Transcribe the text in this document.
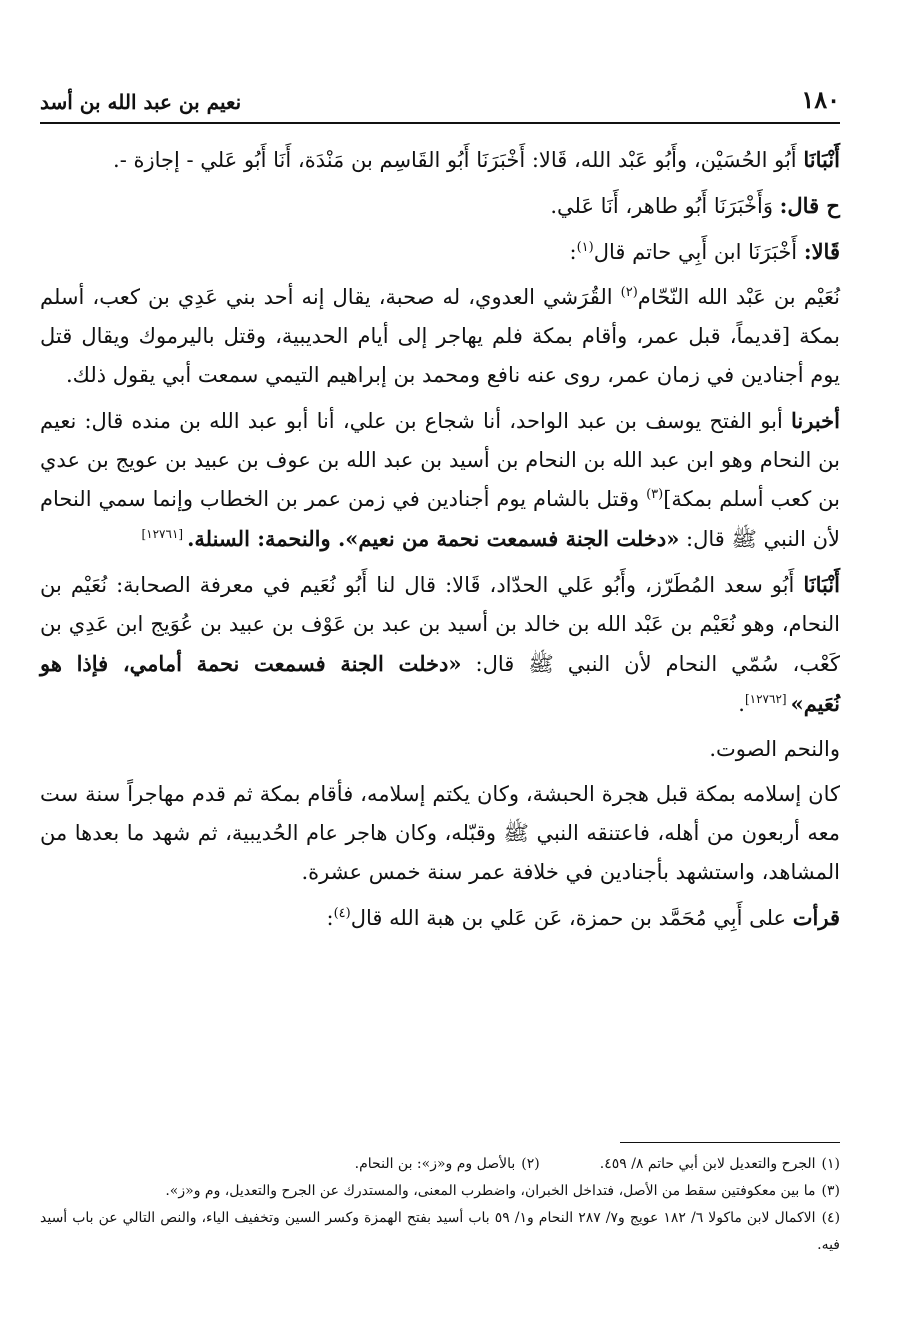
١٨٠
نعيم بن عبد الله بن أسد

أَنْبَانَا أَبُو الحُسَيْن، وأَبُو عَبْد الله، قَالا: أَخْبَرَنَا أَبُو القَاسِم بن مَنْدَة، أَنَا أَبُو عَلي - إجازة -.

ح قال: وَأَخْبَرَنَا أَبُو طاهر، أَنَا عَلي.

قَالا: أَخْبَرَنَا ابن أَبِي حاتم قال$^{(١)}$:

نُعَيْم بن عَبْد الله النّحّام$^{(٢)}$ القُرَشي العدوي، له صحبة، يقال إنه أحد بني عَدِي بن كعب، أسلم بمكة [قديماً، قبل عمر، وأقام بمكة فلم يهاجر إلى أيام الحديبية، وقتل باليرموك ويقال قتل يوم أجنادين في زمان عمر، روى عنه نافع ومحمد بن إبراهيم التيمي سمعت أبي يقول ذلك.

أخبرنا أبو الفتح يوسف بن عبد الواحد، أنا شجاع بن علي، أنا أبو عبد الله بن منده قال: نعيم بن النحام وهو ابن عبد الله بن النحام بن أسيد بن عبد الله بن عوف بن عبيد بن عويج بن عدي بن كعب أسلم بمكة]$^{(٣)}$ وقتل بالشام يوم أجنادين في زمن عمر بن الخطاب وإنما سمي النحام لأن النبي ﷺ قال: «دخلت الجنة فسمعت نحمة من نعيم». والنحمة: السنلة.[١٢٧٦١]

أَنْبَانَا أَبُو سعد المُطَرّز، وأَبُو عَلي الحدّاد، قَالا: قال لنا أَبُو نُعَيم في معرفة الصحابة: نُعَيْم بن النحام، وهو نُعَيْم بن عَبْد الله بن خالد بن أسيد بن عبد بن عَوْف بن عبيد بن عُوَيج ابن عَدِي بن كَعْب، سُمّي النحام لأن النبي ﷺ قال: «دخلت الجنة فسمعت نحمة أمامي، فإذا هو نُعَيم»[١٢٧٦٢].

والنحم الصوت.

كان إسلامه بمكة قبل هجرة الحبشة، وكان يكتم إسلامه، فأقام بمكة ثم قدم مهاجراً سنة ست معه أربعون من أهله، فاعتنقه النبي ﷺ وقبّله، وكان هاجر عام الحُديبية، ثم شهد ما بعدها من المشاهد، واستشهد بأجنادين في خلافة عمر سنة خمس عشرة.

قرأت على أَبِي مُحَمَّد بن حمزة، عَن عَلي بن هبة الله قال$^{(٤)}$:

(١)الجرح والتعديل لابن أبي حاتم ٨/ ٤٥٩.
(٢)بالأصل وم و«ز»: بن النحام.
(٣)ما بين معكوفتين سقط من الأصل، فتداخل الخبران، واضطرب المعنى، والمستدرك عن الجرح والتعديل، وم و«ز».
(٤)الاكمال لابن ماكولا ٦/ ١٨٢ عويج و٧/ ٢٨٧ النحام و١/ ٥٩ باب أسيد بفتح الهمزة وكسر السين وتخفيف الياء، والنص التالي عن باب أسيد فيه.
